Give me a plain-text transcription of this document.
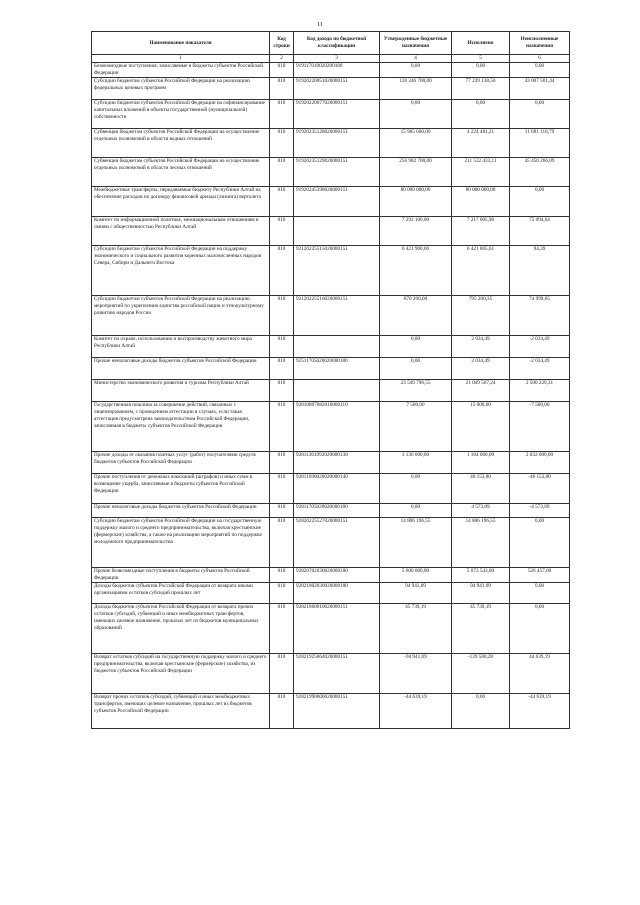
11
Наименование показателя	Код строки	Код дохода по бюджетной классификации	Утвержденные бюджетные назначения	Исполнено	Неисполненные назначения
1	2	3	4	5	6
Безвозмездные поступления, зачисляемые в бюджеты субъектов Российской Федерации	010	919117010020200180	0,00	0,00	0,00
Субсидии бюджетам субъектов Российской Федерации на реализацию федеральных целевых программ	010	91920220051020000151	120 246 700,00	77 239 138,56	43 007 561,44
Субсидии бюджетам субъектов Российской Федерации на софинансирование капитальных вложений в объекты государственной (муниципальной) собственности	010	91920220077020000151	0,00	0,00	0,00
Субвенции бюджетам субъектов Российской Федерации на осуществление отдельных полномочий в области водных отношений	010	91920235128020000151	15 905 600,00	4 224 481,21	11 681 118,79
Субвенции бюджетам субъектов Российской Федерации на осуществление отдельных полномочий в области лесных отношений	010	91920235129020000151	256 982 700,00	211 532 433,11	45 450 266,89
Межбюджетные трансферты, передаваемые бюджету Республики Алтай на обеспечение расходов по договору финансовой аренды (лизинга) вертолета	010	91920245398020000151	80 000 000,00	80 000 000,00	0,00
Комитет по информационной политике, межнациональным отношениям и связям с общественностью Республики Алтай	010		7 292 100,00	7 217 005,96	75 094,04
Субсидии бюджетам субъектов Российской Федерации на поддержку экономического и социального развития коренных малочисленных народов Севера, Сибири и Дальнего Востока	010	92120225515020000151	6 421 900,00	6 421 805,61	94,39
Субсидии бюджетам субъектов Российской Федерации на реализацию мероприятий по укреплению единства российской нации и этнокультурному развитию народов России	010	92120225516020000151	870 200,00	795 200,35	74 999,65
Комитет по охране, использованию и воспроизводству животного мира Республики Алтай	010		0,00	2 034,49	-2 034,49
Прочие неналоговые доходы бюджетов субъектов Российской Федерации	010	92511705020020000180	0,00	2 034,49	-2 034,49
Министерство экономического развития и туризма Республики Алтай	010		23 549 796,55	21 049 567,24	2 500 229,31
Государственная пошлина за совершение действий, связанных с лицензированием, с проведением аттестации в случаях, если такая аттестация предусмотрена законодательством Российской Федерации, зачисляемая в бюджеты субъектов Российской Федерации	010	92810807082010000110	7 500,00	15 000,00	-7 500,00
Прочие доходы от оказания платных услуг (работ) получателями средств бюджетов субъектов Российской Федерации	010	92811301992020000130	3 136 000,00	1 104 000,00	2 032 000,00
Прочие поступления от денежных взысканий (штрафов) и иных сумм в возмещение ущерба, зачисляемые в бюджеты субъектов Российской Федерации	010	92811690020020000140	0,00	46 153,80	-46 153,80
Прочие неналоговые доходы бюджетов субъектов Российской Федерации	010	92811705020020000180	0,00	4 573,89	-4 573,89
Субсидии бюджетам субъектов Российской Федерации на государственную поддержку малого и среднего предпринимательства, включая крестьянские (фермерские) хозяйства, а также на реализацию мероприятий по поддержке молодежного предпринимательства	010	92820225527020000151	14 806 196,55	14 806 196,55	0,00
Прочие безвозмездные поступления в бюджеты субъектов Российской Федерации	010	92820702030020000180	5 600 000,00	5 073 543,00	526 457,00
Доходы бюджетов субъектов Российской Федерации от возврата иными организациями остатков субсидий прошлых лет	010	92821802030020000180	94 941,09	94 941,09	0,00
Доходы бюджетов субъектов Российской Федерации от возврата прочих остатков субсидий, субвенций и иных межбюджетных трансфертов, имеющих целевое назначение, прошлых лет из бюджетов муниципальных образований	010	92821860010020000151	45 739,19	45 739,19	0,00
Возврат остатков субсидий на государственную поддержку малого и среднего предпринимательства, включая крестьянские (фермерские) хозяйства, из бюджетов субъектов Российской Федерации	010	92821925064020000151	-94 941,09	-139 580,28	44 639,19
Возврат прочих остатков субсидий, субвенций и иных межбюджетных трансфертов, имеющих целевое назначение, прошлых лет из бюджетов субъектов Российской Федерации	010	92821990000020000151	-44 639,19	0,00	-44 639,19
